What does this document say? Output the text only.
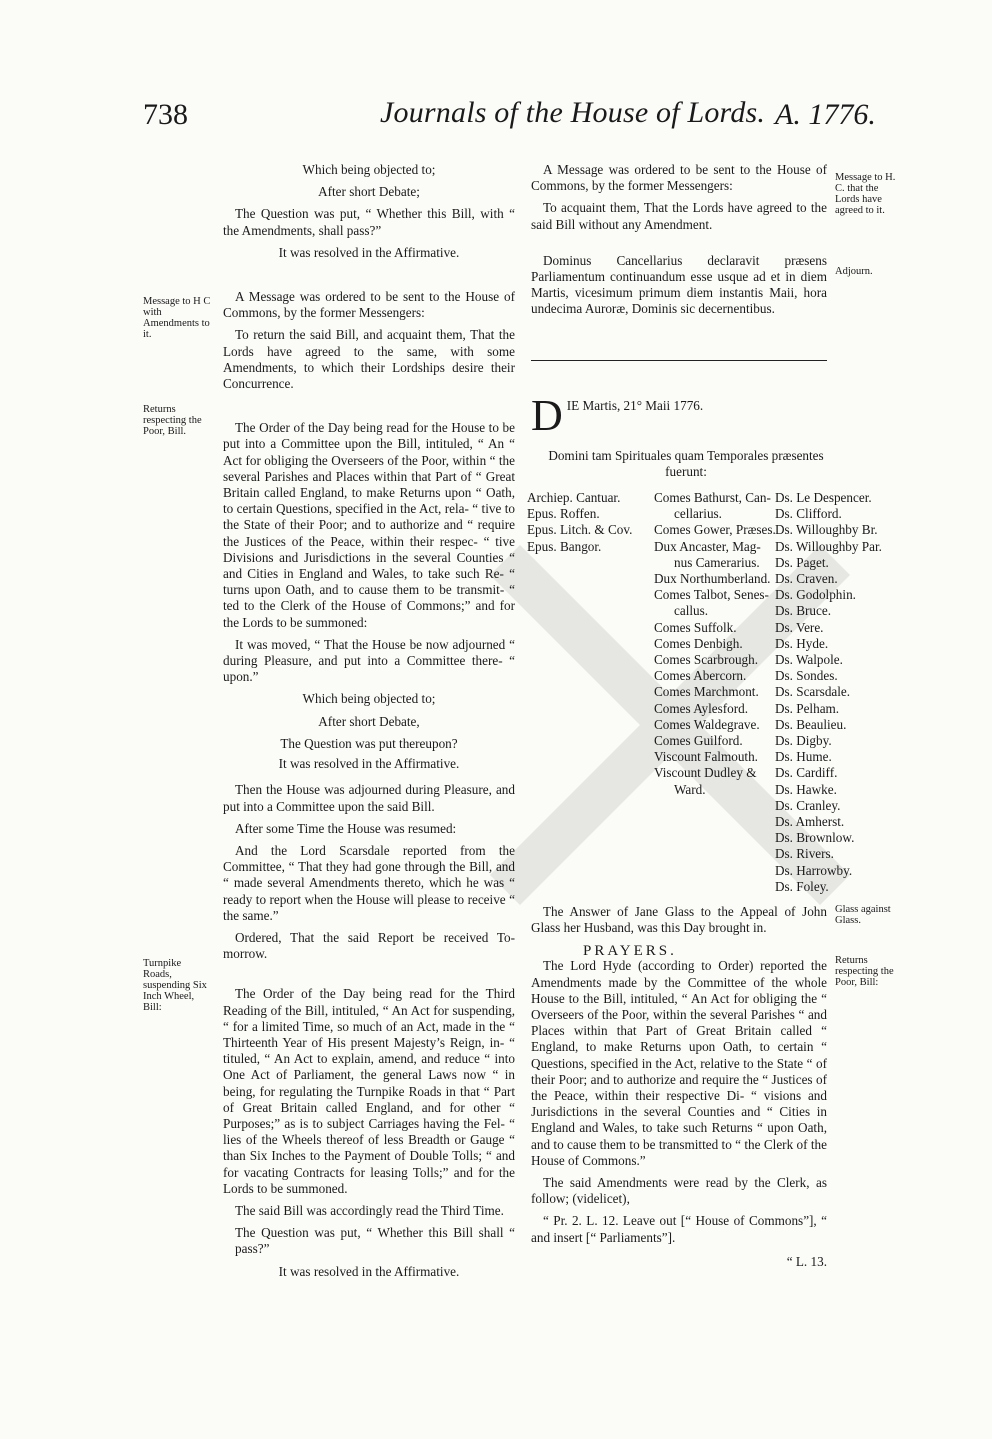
738	Journals of the House of Lords. A. 1776.

Which being objected to;

After short Debate;

The Question was put, “ Whether this Bill, with “ the Amendments, shall pass?”

It was resolved in the Affirmative.

A Message was ordered to be sent to the House of Commons, by the former Messengers:

To return the said Bill, and acquaint them, That the Lords have agreed to the same, with some Amendments, to which their Lordships desire their Concurrence.

The Order of the Day being read for the House to be put into a Committee upon the Bill, intituled, “ An “ Act for obliging the Overseers of the Poor, within “ the several Parishes and Places within that Part of “ Great Britain called England, to make Returns upon “ Oath, to certain Questions, specified in the Act, rela- “ tive to the State of their Poor; and to authorize and “ require the Justices of the Peace, within their respec- “ tive Divisions and Jurisdictions in the several Counties “ and Cities in England and Wales, to take such Re- “ turns upon Oath, and to cause them to be transmit- “ ted to the Clerk of the House of Commons;” and for the Lords to be summoned:

It was moved, “ That the House be now adjourned “ during Pleasure, and put into a Committee there- “ upon.”

Which being objected to;

After short Debate,

The Question was put thereupon?

It was resolved in the Affirmative.

Then the House was adjourned during Pleasure, and put into a Committee upon the said Bill.

After some Time the House was resumed:

And the Lord Scarsdale reported from the Committee, “ That they had gone through the Bill, and “ made several Amendments thereto, which he was “ ready to report when the House will please to receive “ the same.”

Ordered, That the said Report be received To-morrow.

The Order of the Day being read for the Third Reading of the Bill, intituled, “ An Act for suspending, “ for a limited Time, so much of an Act, made in the “ Thirteenth Year of His present Majesty’s Reign, in- “ tituled, “ An Act to explain, amend, and reduce “ into One Act of Parliament, the general Laws now “ in being, for regulating the Turnpike Roads in that “ Part of Great Britain called England, and for other “ Purposes;” as is to subject Carriages having the Fel- “ lies of the Wheels thereof of less Breadth or Gauge “ than Six Inches to the Payment of Double Tolls; “ and for vacating Contracts for leasing Tolls;” and for the Lords to be summoned.

The said Bill was accordingly read the Third Time.

The Question was put, “ Whether this Bill shall “ pass?”

It was resolved in the Affirmative.

Message to H C with Amendments to it.
Returns respecting the Poor, Bill.
Turnpike Roads, suspending Six Inch Wheel, Bill:

A Message was ordered to be sent to the House of Commons, by the former Messengers:

To acquaint them, That the Lords have agreed to the said Bill without any Amendment.

Dominus Cancellarius declaravit præsens Parliamentum continuandum esse usque ad et in diem Martis, vicesimum primum diem instantis Maii, hora undecima Auroræ, Dominis sic decernentibus.

D IE Martis, 21° Maii 1776.
Domini tam Spirituales quam Temporales præsentes fuerunt:
Archiep. Cantuar.
Epus. Roffen.
Epus. Litch. & Cov.
Epus. Bangor.
Comes Bathurst, Can-
cellarius.
Comes Gower, Præses.
Dux Ancaster, Mag-
nus Camerarius.
Dux Northumberland.
Comes Talbot, Senes-
callus.
Comes Suffolk.
Comes Denbigh.
Comes Scarbrough.
Comes Abercorn.
Comes Marchmont.
Comes Aylesford.
Comes Waldegrave.
Comes Guilford.
Viscount Falmouth.
Viscount Dudley &
Ward.
Ds. Le Despencer.
Ds. Clifford.
Ds. Willoughby Br.
Ds. Willoughby Par.
Ds. Paget.
Ds. Craven.
Ds. Godolphin.
Ds. Bruce.
Ds. Vere.
Ds. Hyde.
Ds. Walpole.
Ds. Sondes.
Ds. Scarsdale.
Ds. Pelham.
Ds. Beaulieu.
Ds. Digby.
Ds. Hume.
Ds. Cardiff.
Ds. Hawke.
Ds. Cranley.
Ds. Amherst.
Ds. Brownlow.
Ds. Rivers.
Ds. Harrowby.
Ds. Foley.
PRAYERS.

The Answer of Jane Glass to the Appeal of John Glass her Husband, was this Day brought in.

The Lord Hyde (according to Order) reported the Amendments made by the Committee of the whole House to the Bill, intituled, “ An Act for obliging the “ Overseers of the Poor, within the several Parishes “ and Places within that Part of Great Britain called “ England, to make Returns upon Oath, to certain “ Questions, specified in the Act, relative to the State “ of their Poor; and to authorize and require the “ Justices of the Peace, within their respective Di- “ visions and Jurisdictions in the several Counties and “ Cities in England and Wales, to take such Returns “ upon Oath, and to cause them to be transmitted to “ the Clerk of the House of Commons.”

The said Amendments were read by the Clerk, as follow; (videlicet),

“ Pr. 2. L. 12. Leave out [“ House of Commons”], “ and insert [“ Parliaments”].

“ L. 13.

Message to H. C. that the Lords have agreed to it.
Adjourn.
Glass against Glass.
Returns respecting the Poor, Bill:
